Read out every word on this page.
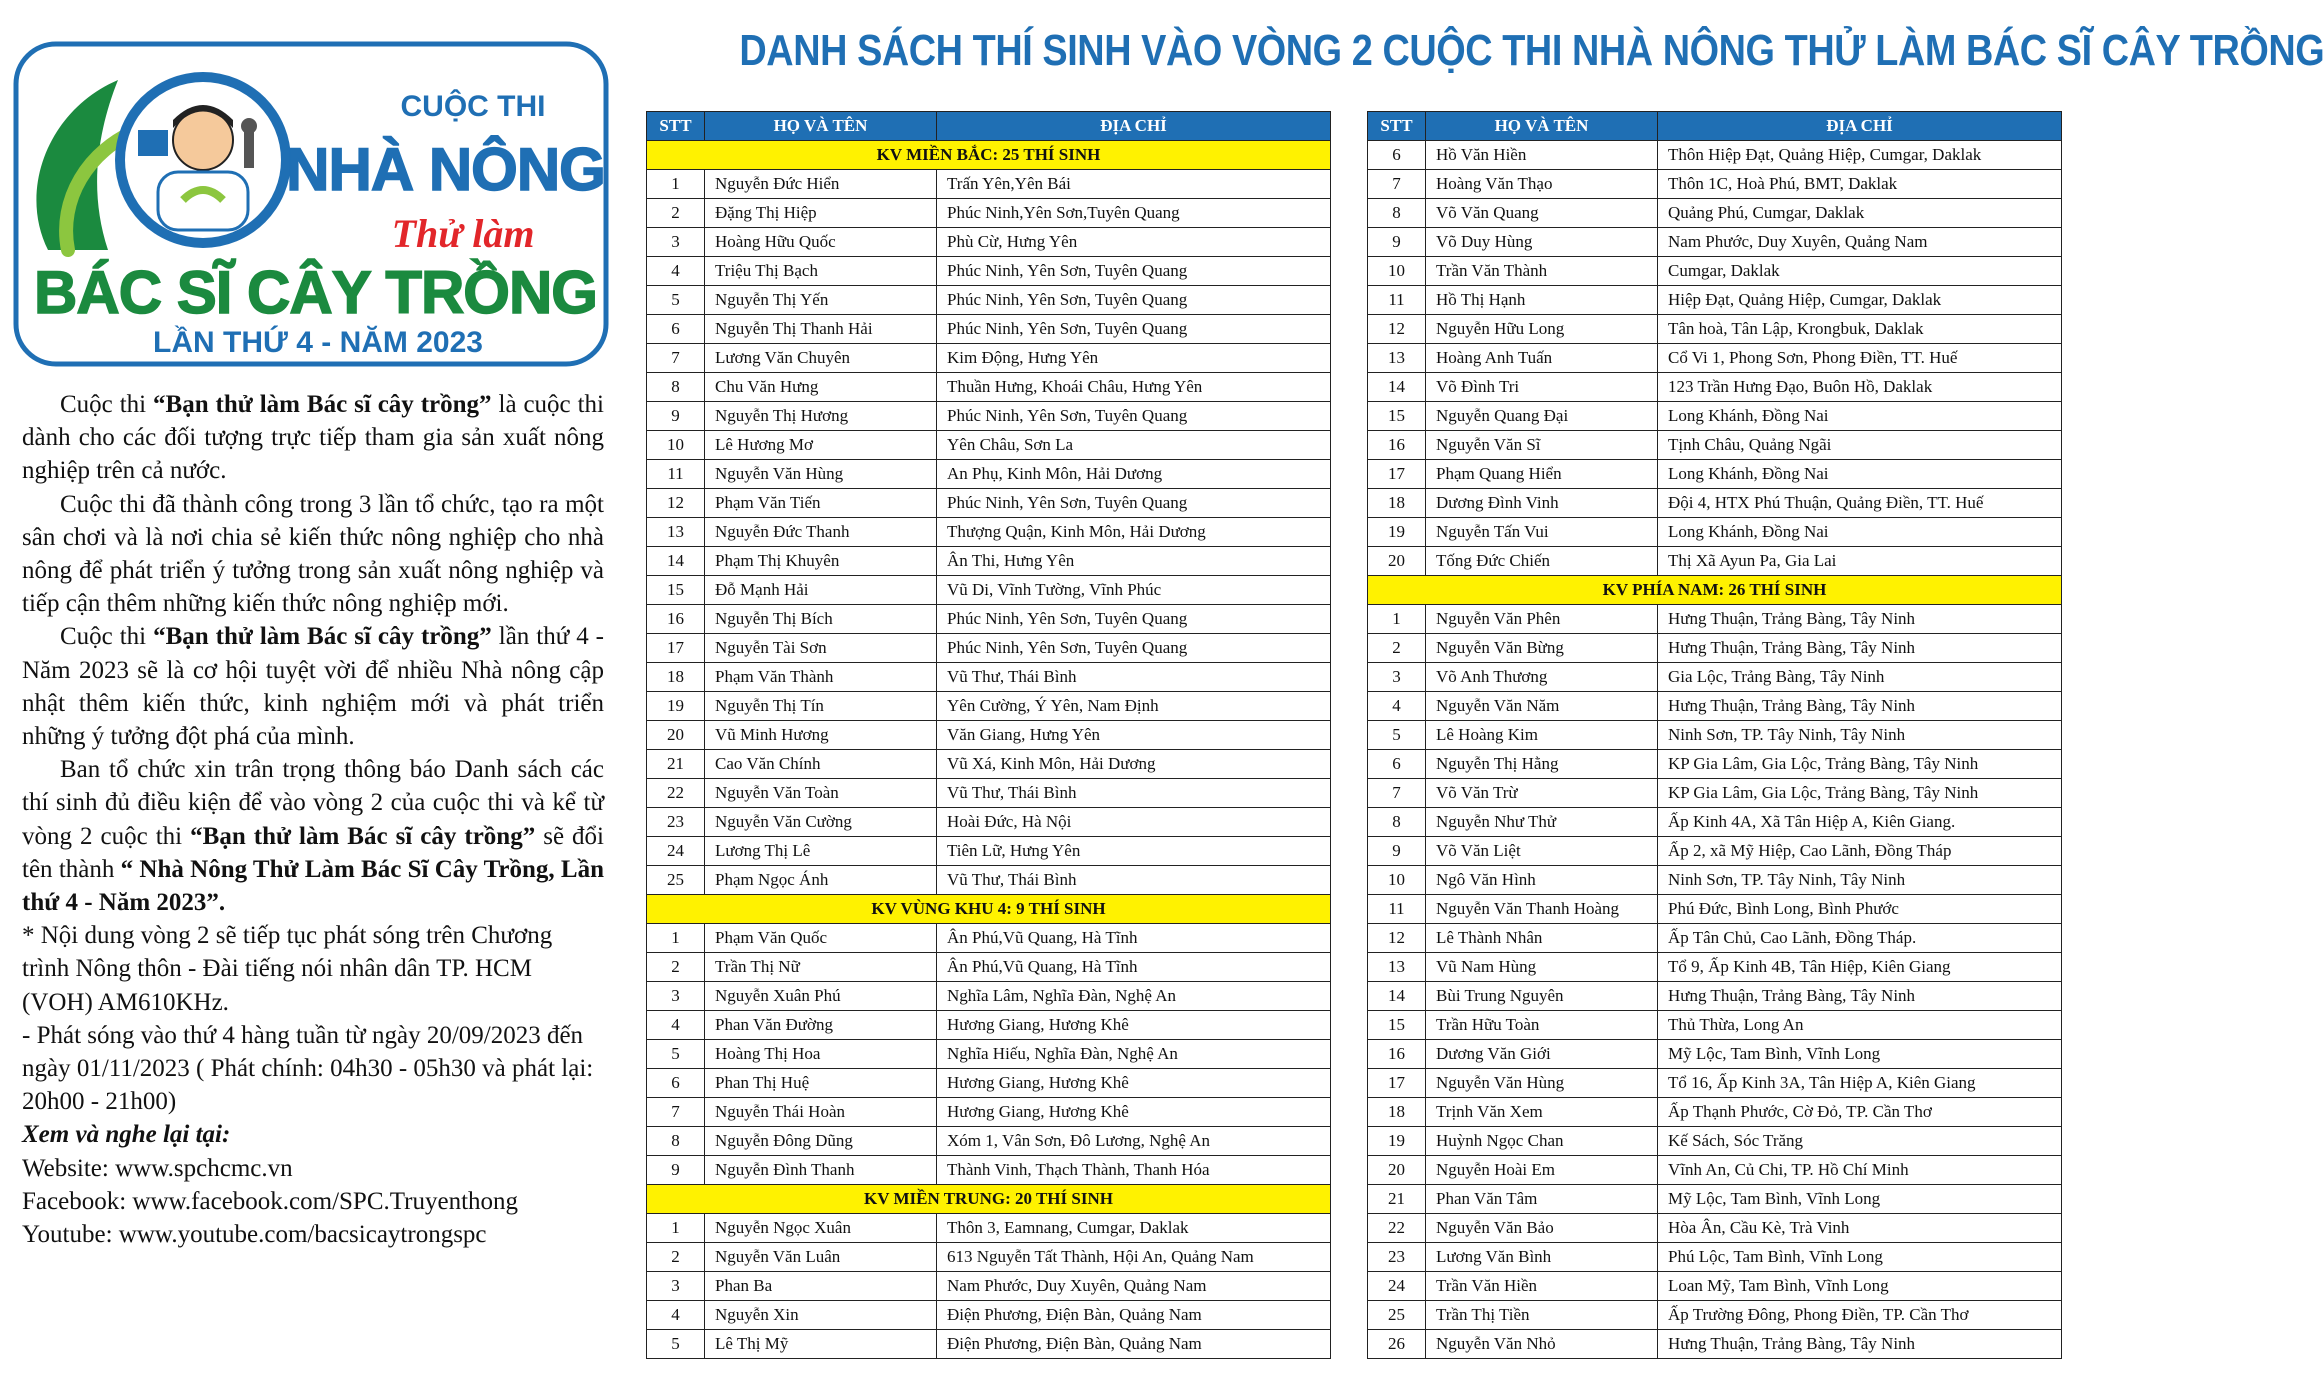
CUỘC THI
NHÀ NÔNG
Thử làm
BÁC SĨ CÂY TRỒNG
LẦN THỨ 4 - NĂM 2023

Cuộc thi “Bạn thử làm Bác sĩ cây trồng” là cuộc thi dành cho các đối tượng trực tiếp tham gia sản xuất nông nghiệp trên cả nước.

Cuộc thi đã thành công trong 3 lần tổ chức, tạo ra một sân chơi và là nơi chia sẻ kiến thức nông nghiệp cho nhà nông để phát triển ý tưởng trong sản xuất nông nghiệp và tiếp cận thêm những kiến thức nông nghiệp mới.

Cuộc thi “Bạn thử làm Bác sĩ cây trồng” lần thứ 4 - Năm 2023 sẽ là cơ hội tuyệt vời để nhiều Nhà nông cập nhật thêm kiến thức, kinh nghiệm mới và phát triển những ý tưởng đột phá của mình.

Ban tổ chức xin trân trọng thông báo Danh sách các thí sinh đủ điều kiện để vào vòng 2 của cuộc thi và kể từ vòng 2 cuộc thi “Bạn thử làm Bác sĩ cây trồng” sẽ đổi tên thành “ Nhà Nông Thử Làm Bác Sĩ Cây Trồng, Lần thứ 4 - Năm 2023”.

* Nội dung vòng 2 sẽ tiếp tục phát sóng trên Chương trình Nông thôn - Đài tiếng nói nhân dân TP. HCM (VOH) AM610KHz.

- Phát sóng vào thứ 4 hàng tuần từ ngày 20/09/2023 đến ngày 01/11/2023 ( Phát chính: 04h30 - 05h30 và phát lại: 20h00 - 21h00)

Xem và nghe lại tại:

Website: www.spchcmc.vn

Facebook: www.facebook.com/SPC.Truyenthong

Youtube: www.youtube.com/bacsicaytrongspc

DANH SÁCH THÍ SINH VÀO VÒNG 2 CUỘC THI NHÀ NÔNG THỬ LÀM BÁC SĨ CÂY TRỒNG
STT	HỌ VÀ TÊN	ĐỊA CHỈ
KV MIỀN BẮC: 25 THÍ SINH		
1	Nguyễn Đức Hiển	Trấn Yên,Yên Bái
2	Đặng Thị Hiệp	Phúc Ninh,Yên Sơn,Tuyên Quang
3	Hoàng Hữu Quốc	Phù Cừ, Hưng Yên
4	Triệu Thị Bạch	Phúc Ninh, Yên Sơn, Tuyên Quang
5	Nguyễn Thị Yến	Phúc Ninh, Yên Sơn, Tuyên Quang
6	Nguyễn Thị Thanh Hải	Phúc Ninh, Yên Sơn, Tuyên Quang
7	Lương Văn Chuyên	Kim Động, Hưng Yên
8	Chu Văn Hưng	Thuần Hưng, Khoái Châu, Hưng Yên
9	Nguyễn Thị Hương	Phúc Ninh, Yên Sơn, Tuyên Quang
10	Lê Hương Mơ	Yên Châu, Sơn La
11	Nguyễn Văn Hùng	An Phụ, Kinh Môn, Hải Dương
12	Phạm Văn Tiến	Phúc Ninh, Yên Sơn, Tuyên Quang
13	Nguyễn Đức Thanh	Thượng Quận, Kinh Môn, Hải Dương
14	Phạm Thị Khuyên	Ân Thi, Hưng Yên
15	Đỗ Mạnh Hải	Vũ Di, Vĩnh Tường, Vĩnh Phúc
16	Nguyễn Thị Bích	Phúc Ninh, Yên Sơn, Tuyên Quang
17	Nguyễn Tài Sơn	Phúc Ninh, Yên Sơn, Tuyên Quang
18	Phạm Văn Thành	Vũ Thư, Thái Bình
19	Nguyễn Thị Tín	Yên Cường, Ý Yên, Nam Định
20	Vũ Minh Hương	Văn Giang, Hưng Yên
21	Cao Văn Chính	Vũ Xá, Kinh Môn, Hải Dương
22	Nguyễn Văn Toàn	Vũ Thư, Thái Bình
23	Nguyễn Văn Cường	Hoài Đức, Hà Nội
24	Lương Thị Lê	Tiên Lữ, Hưng Yên
25	Phạm Ngọc Ánh	Vũ Thư, Thái Bình
KV VÙNG KHU 4: 9 THÍ SINH		
1	Phạm Văn Quốc	Ân Phú,Vũ Quang, Hà Tĩnh
2	Trần Thị Nữ	Ân Phú,Vũ Quang, Hà Tĩnh
3	Nguyễn Xuân Phú	Nghĩa Lâm, Nghĩa Đàn, Nghệ An
4	Phan Văn Đường	Hương Giang, Hương Khê
5	Hoàng Thị Hoa	Nghĩa Hiếu, Nghĩa Đàn, Nghệ An
6	Phan Thị Huệ	Hương Giang, Hương Khê
7	Nguyễn Thái Hoàn	Hương Giang, Hương Khê
8	Nguyễn Đông Dũng	Xóm 1, Vân Sơn, Đô Lương, Nghệ An
9	Nguyễn Đình Thanh	Thành Vinh, Thạch Thành, Thanh Hóa
KV MIỀN TRUNG: 20 THÍ SINH		
1	Nguyễn Ngọc Xuân	Thôn 3, Eamnang, Cumgar, Daklak
2	Nguyễn Văn Luân	613 Nguyễn Tất Thành, Hội An, Quảng Nam
3	Phan Ba	Nam Phước, Duy Xuyên, Quảng Nam
4	Nguyễn Xin	Điện Phương, Điện Bàn, Quảng Nam
5	Lê Thị Mỹ	Điện Phương, Điện Bàn, Quảng Nam
STT	HỌ VÀ TÊN	ĐỊA CHỈ
6	Hồ Văn Hiền	Thôn Hiệp Đạt, Quảng Hiệp, Cumgar, Daklak
7	Hoàng Văn Thạo	Thôn 1C, Hoà Phú, BMT, Daklak
8	Võ Văn Quang	Quảng Phú, Cumgar, Daklak
9	Võ Duy Hùng	Nam Phước, Duy Xuyên, Quảng Nam
10	Trần Văn Thành	Cumgar, Daklak
11	Hồ Thị Hạnh	Hiệp Đạt, Quảng Hiệp, Cumgar, Daklak
12	Nguyễn Hữu Long	Tân hoà, Tân Lập, Krongbuk, Daklak
13	Hoàng Anh Tuấn	Cổ Vi 1, Phong Sơn, Phong Điền, TT. Huế
14	Võ Đình Tri	123 Trần Hưng Đạo, Buôn Hồ, Daklak
15	Nguyễn Quang Đại	Long Khánh, Đồng Nai
16	Nguyễn Văn Sĩ	Tịnh Châu, Quảng Ngãi
17	Phạm Quang Hiển	Long Khánh, Đồng Nai
18	Dương Đình Vinh	Đội 4, HTX Phú Thuận, Quảng Điền, TT. Huế
19	Nguyễn Tấn Vui	Long Khánh, Đồng Nai
20	Tống Đức Chiến	Thị Xã Ayun Pa, Gia Lai
KV PHÍA NAM: 26 THÍ SINH		
1	Nguyễn Văn Phên	Hưng Thuận, Trảng Bàng, Tây Ninh
2	Nguyễn Văn Bừng	Hưng Thuận, Trảng Bàng, Tây Ninh
3	Võ Anh Thương	Gia Lộc, Trảng Bàng, Tây Ninh
4	Nguyễn Văn Năm	Hưng Thuận, Trảng Bàng, Tây Ninh
5	Lê Hoàng Kim	Ninh Sơn, TP. Tây Ninh, Tây Ninh
6	Nguyễn Thị Hằng	KP Gia Lâm, Gia Lộc, Trảng Bàng, Tây Ninh
7	Võ Văn Trừ	KP Gia Lâm, Gia Lộc, Trảng Bàng, Tây Ninh
8	Nguyễn Như Thử	Ấp Kinh 4A, Xã Tân Hiệp A, Kiên Giang.
9	Võ Văn Liệt	Ấp 2, xã Mỹ Hiệp, Cao Lãnh, Đồng Tháp
10	Ngô Văn Hình	Ninh Sơn, TP. Tây Ninh, Tây Ninh
11	Nguyễn Văn Thanh Hoàng	Phú Đức, Bình Long, Bình Phước
12	Lê Thành Nhân	Ấp Tân Chủ, Cao Lãnh, Đồng Tháp.
13	Vũ Nam Hùng	Tổ 9, Ấp Kinh 4B, Tân Hiệp, Kiên Giang
14	Bùi Trung Nguyên	Hưng Thuận, Trảng Bàng, Tây Ninh
15	Trần Hữu Toàn	Thủ Thừa, Long An
16	Dương Văn Giới	Mỹ Lộc, Tam Bình, Vĩnh Long
17	Nguyễn Văn Hùng	Tổ 16, Ấp Kinh 3A, Tân Hiệp A, Kiên Giang
18	Trịnh Văn Xem	Ấp Thạnh Phước, Cờ Đỏ, TP. Cần Thơ
19	Huỳnh Ngọc Chan	Kế Sách, Sóc Trăng
20	Nguyễn Hoài Em	Vĩnh An, Củ Chi, TP. Hồ Chí Minh
21	Phan Văn Tâm	Mỹ Lộc, Tam Bình, Vĩnh Long
22	Nguyễn Văn Bảo	Hòa Ân, Cầu Kè, Trà Vinh
23	Lương Văn Bình	Phú Lộc, Tam Bình, Vĩnh Long
24	Trần Văn Hiền	Loan Mỹ, Tam Bình, Vĩnh Long
25	Trần Thị Tiền	Ấp Trường Đông, Phong Điền, TP. Cần Thơ
26	Nguyễn Văn Nhỏ	Hưng Thuận, Trảng Bàng, Tây Ninh
